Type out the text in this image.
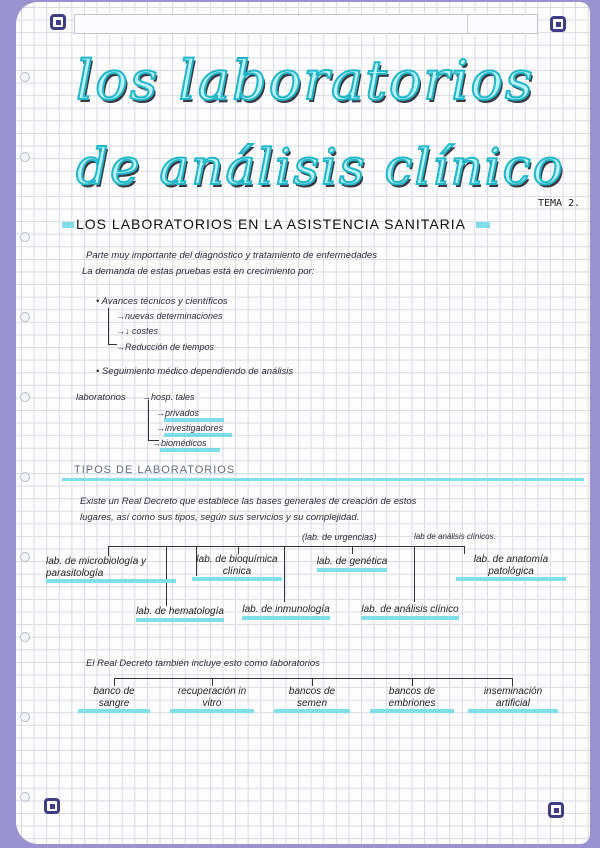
los laboratorios
de análisis clínico
TEMA 2.
LOS LABORATORIOS EN LA ASISTENCIA SANITARIA
Parte muy importante del diagnóstico y tratamiento de enfermedades
La demanda de estas pruebas está en crecimiento por:
• Avances técnicos y científicos
→nuevas determinaciones
→↓ costes
→Reducción de tiempos
• Seguimiento médico dependiendo de análisis
laboratorios →hosp. tales
→privados
→investigadores
→biomédicos
TIPOS DE LABORATORIOS
Existe un Real Decreto que establece las bases generales de creación de estos
lugares, así como sus tipos, según sus servicios y su complejidad.
(lab. de urgencias)	lab de análisis clínicos.
lab. de microbiología y parasitología
lab. de bioquímica clínica
lab. de genética	lab. de anatomía patológica
lab. de hematología	lab. de inmunología	lab. de análisis clínico
El Real Decreto también incluye esto como laboratorios
banco de sangre
recuperación in vitro
bancos de semen
bancos de embriones
inseminación artificial
